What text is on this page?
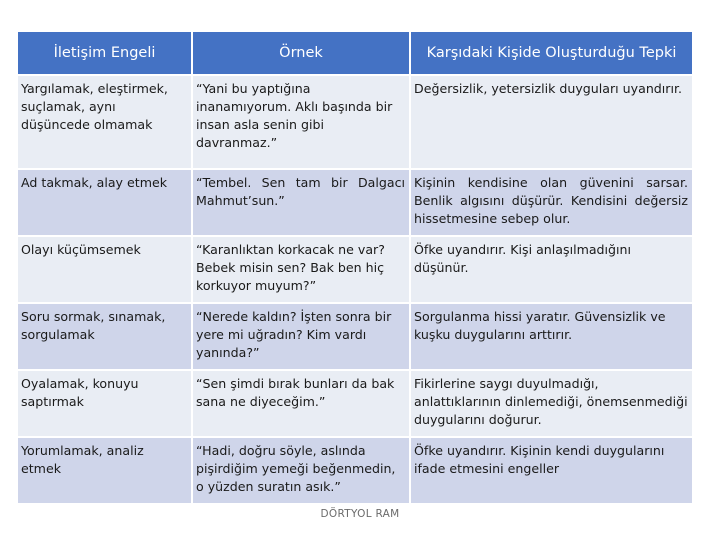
İletişim Engeli	Örnek	Karşıdaki Kişide Oluşturduğu Tepki
Yargılamak, eleştirmek, suçlamak, aynı düşüncede olmamak	“Yani bu yaptığına inanamıyorum. Aklı başında bir insan asla senin gibi davranmaz.”	Değersizlik, yetersizlik duyguları uyandırır.
Ad takmak, alay etmek	“Tembel. Sen tam bir Dalgacı Mahmut’sun.”	Kişinin kendisine olan güvenini sarsar. Benlik algısını düşürür. Kendisini değersiz hissetmesine sebep olur.
Olayı küçümsemek	“Karanlıktan korkacak ne var? Bebek misin sen? Bak ben hiç korkuyor muyum?”	Öfke uyandırır. Kişi anlaşılmadığını düşünür.
Soru sormak, sınamak, sorgulamak	“Nerede kaldın? İşten sonra bir yere mi uğradın? Kim vardı yanında?”	Sorgulanma hissi yaratır. Güvensizlik ve kuşku duygularını arttırır.
Oyalamak, konuyu saptırmak	“Sen şimdi bırak bunları da bak sana ne diyeceğim.”	Fikirlerine saygı duyulmadığı, anlattıklarının dinlemediği, önemsenmediği duygularını doğurur.
Yorumlamak, analiz etmek	“Hadi, doğru söyle, aslında pişirdiğim yemeği beğenmedin, o yüzden suratın asık.”	Öfke uyandırır. Kişinin kendi duygularını ifade etmesini engeller
DÖRTYOL RAM
